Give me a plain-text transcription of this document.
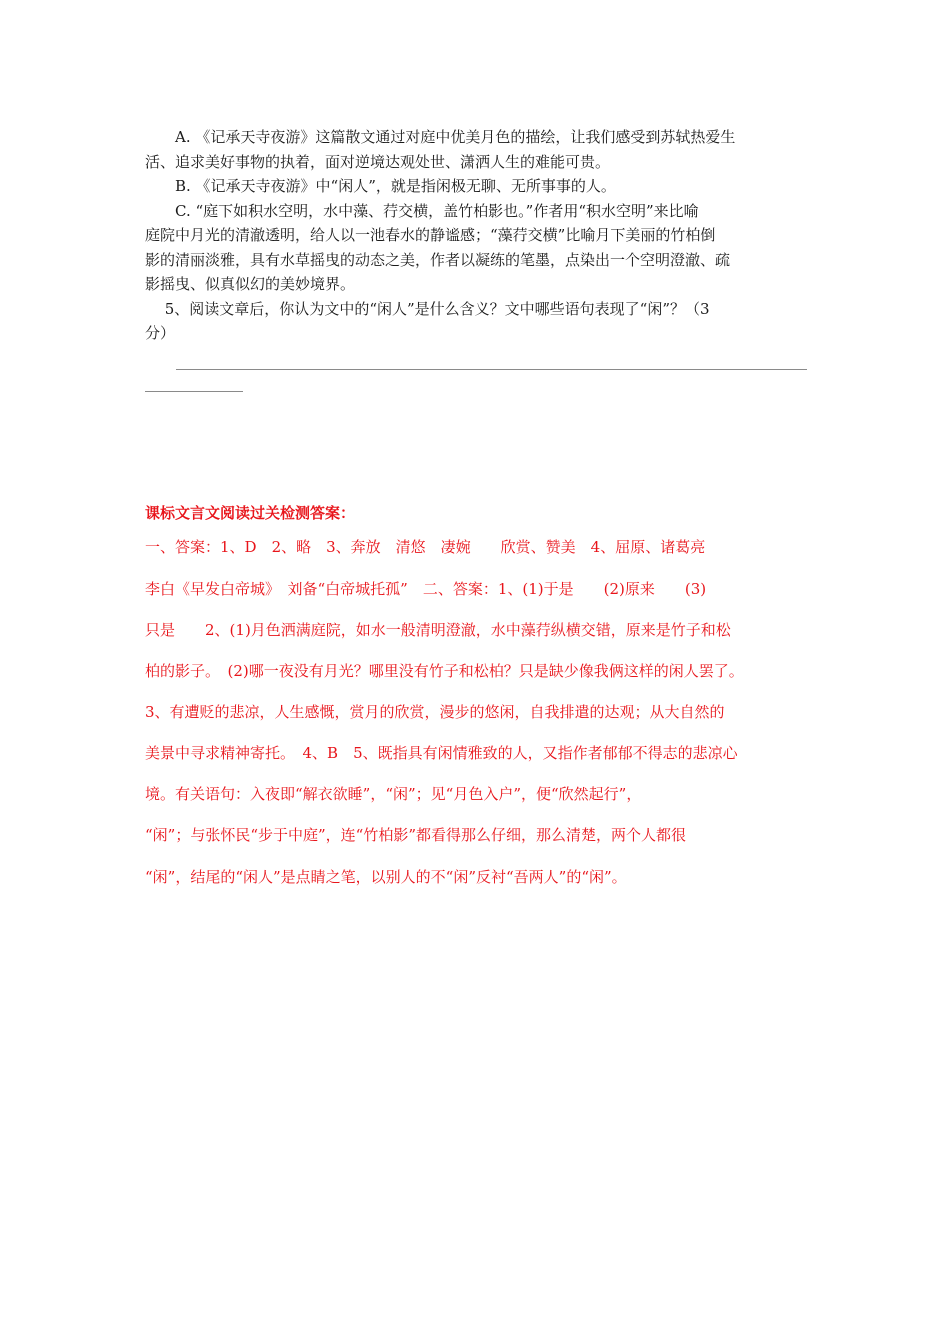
　　A. 《记承天寺夜游》这篇散文通过对庭中优美月色的描绘，让我们感受到苏轼热爱生

活、追求美好事物的执着，面对逆境达观处世、潇洒人生的难能可贵。

　　B. 《记承天寺夜游》中“闲人”，就是指闲极无聊、无所事事的人。

　　C. “庭下如积水空明，水中藻、荇交横，盖竹柏影也。”作者用“积水空明”来比喻

庭院中月光的清澈透明，给人以一池春水的静谧感；“藻荇交横”比喻月下美丽的竹柏倒

影的清丽淡雅，具有水草摇曳的动态之美，作者以凝练的笔墨，点染出一个空明澄澈、疏

影摇曳、似真似幻的美妙境界。

　 5、阅读文章后，你认为文中的“闲人”是什么含义？文中哪些语句表现了“闲”？（3

分）

课标文言文阅读过关检测答案：

一、答案：1、D　2、略　3、奔放　清悠　凄婉　　欣赏、赞美　4、屈原、诸葛亮

李白《早发白帝城》　刘备“白帝城托孤”　二、答案：1、(1)于是　　(2)原来　　(3)

只是　　2、(1)月色洒满庭院，如水一般清明澄澈，水中藻荇纵横交错，原来是竹子和松

柏的影子。　(2)哪一夜没有月光？哪里没有竹子和松柏？只是缺少像我俩这样的闲人罢了。

3、有遭贬的悲凉，人生感慨，赏月的欣赏，漫步的悠闲，自我排遣的达观；从大自然的

美景中寻求精神寄托。　4、B　5、既指具有闲情雅致的人，又指作者郁郁不得志的悲凉心

境。有关语句：入夜即“解衣欲睡”，“闲”；见“月色入户”，便“欣然起行”，

“闲”；与张怀民“步于中庭”，连“竹柏影”都看得那么仔细，那么清楚，两个人都很

“闲”，结尾的“闲人”是点睛之笔，以别人的不“闲”反衬“吾两人”的“闲”。
